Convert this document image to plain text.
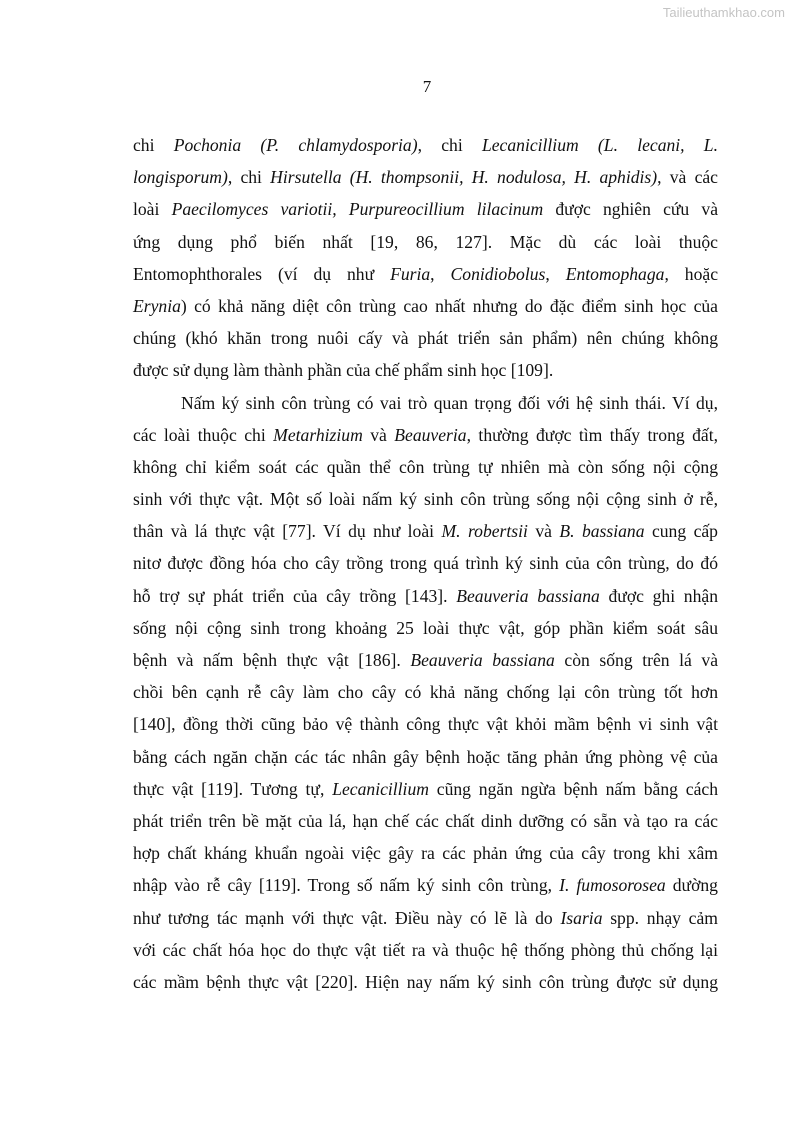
Tailieuthamkhao.com
7
chi Pochonia (P. chlamydosporia), chi Lecanicillium (L. lecani, L.
longisporum), chi Hirsutella (H. thompsonii, H. nodulosa, H. aphidis), và các
loài Paecilomyces variotii, Purpureocillium lilacinum được nghiên cứu và
ứng dụng phổ biến nhất [19, 86, 127]. Mặc dù các loài thuộc
Entomophthorales (ví dụ như Furia, Conidiobolus, Entomophaga, hoặc
Erynia) có khả năng diệt côn trùng cao nhất nhưng do đặc điểm sinh học của
chúng (khó khăn trong nuôi cấy và phát triển sản phẩm) nên chúng không
được sử dụng làm thành phần của chế phẩm sinh học [109].
Nấm ký sinh côn trùng có vai trò quan trọng đối với hệ sinh thái. Ví dụ,
các loài thuộc chi Metarhizium và Beauveria, thường được tìm thấy trong đất,
không chỉ kiểm soát các quần thể côn trùng tự nhiên mà còn sống nội cộng
sinh với thực vật. Một số loài nấm ký sinh côn trùng sống nội cộng sinh ở rễ,
thân và lá thực vật [77]. Ví dụ như loài M. robertsii và B. bassiana cung cấp
nitơ được đồng hóa cho cây trồng trong quá trình ký sinh của côn trùng, do đó
hỗ trợ sự phát triển của cây trồng [143]. Beauveria bassiana được ghi nhận
sống nội cộng sinh trong khoảng 25 loài thực vật, góp phần kiểm soát sâu
bệnh và nấm bệnh thực vật [186]. Beauveria bassiana còn sống trên lá và
chồi bên cạnh rễ cây làm cho cây có khả năng chống lại côn trùng tốt hơn
[140], đồng thời cũng bảo vệ thành công thực vật khỏi mầm bệnh vi sinh vật
bằng cách ngăn chặn các tác nhân gây bệnh hoặc tăng phản ứng phòng vệ của
thực vật [119]. Tương tự, Lecanicillium cũng ngăn ngừa bệnh nấm bằng cách
phát triển trên bề mặt của lá, hạn chế các chất dinh dưỡng có sẵn và tạo ra các
hợp chất kháng khuẩn ngoài việc gây ra các phản ứng của cây trong khi xâm
nhập vào rễ cây [119]. Trong số nấm ký sinh côn trùng, I. fumosorosea dường
như tương tác mạnh với thực vật. Điều này có lẽ là do Isaria spp. nhạy cảm
với các chất hóa học do thực vật tiết ra và thuộc hệ thống phòng thủ chống lại
các mầm bệnh thực vật [220]. Hiện nay nấm ký sinh côn trùng được sử dụng
